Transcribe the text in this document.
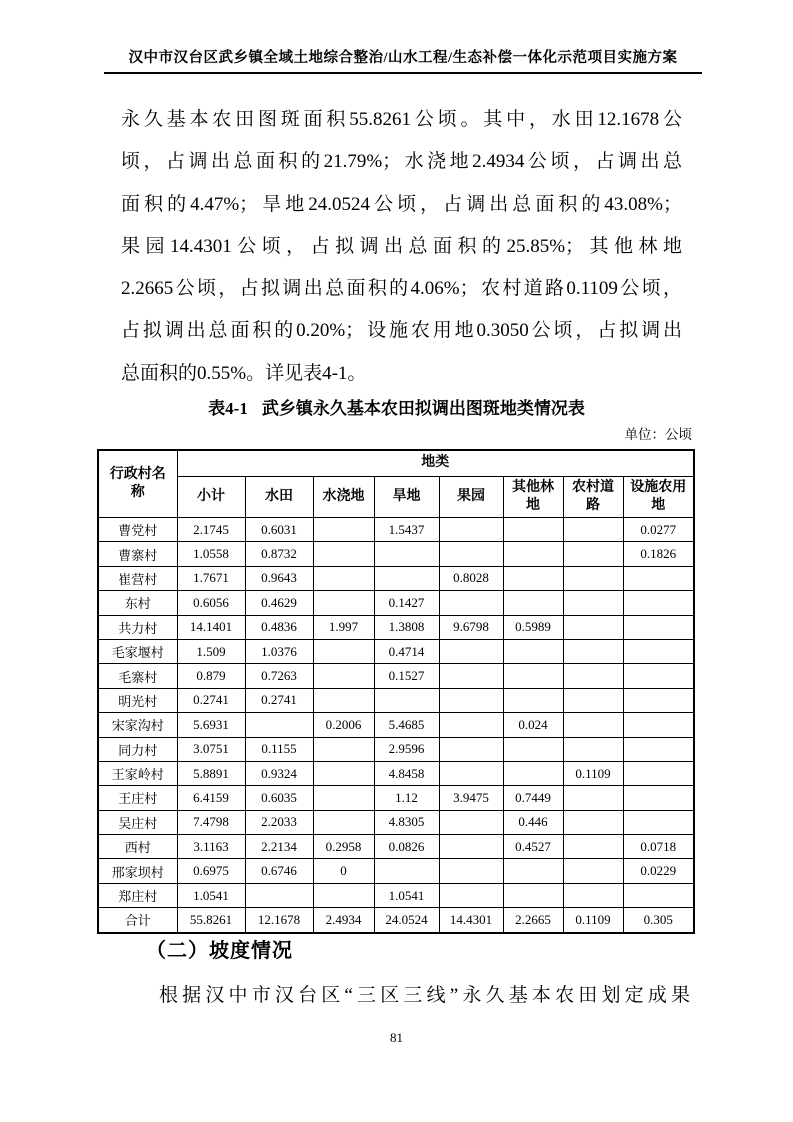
汉中市汉台区武乡镇全域土地综合整治/山水工程/生态补偿一体化示范项目实施方案
永久基本农田图斑面积55.8261公顷。其中，水田12.1678公
顷，占调出总面积的21.79%；水浇地2.4934公顷，占调出总
面积的4.47%；旱地24.0524公顷，占调出总面积的43.08%；
果园14.4301公顷，占拟调出总面积的25.85%；其他林地
2.2665公顷，占拟调出总面积的4.06%；农村道路0.1109公顷，
占拟调出总面积的0.20%；设施农用地0.3050公顷，占拟调出
总面积的0.55%。详见表4-1。
表4-1 武乡镇永久基本农田拟调出图斑地类情况表
单位：公顷
行政村名称	地类							
	小计	水田	水浇地	旱地	果园	其他林地	农村道路	设施农用地
曹党村	2.1745	0.6031		1.5437				0.0277
曹寨村	1.0558	0.8732						0.1826
崔营村	1.7671	0.9643			0.8028			
东村	0.6056	0.4629		0.1427				
共力村	14.1401	0.4836	1.997	1.3808	9.6798	0.5989		
毛家堰村	1.509	1.0376		0.4714				
毛寨村	0.879	0.7263		0.1527				
明光村	0.2741	0.2741						
宋家沟村	5.6931		0.2006	5.4685		0.024		
同力村	3.0751	0.1155		2.9596				
王家岭村	5.8891	0.9324		4.8458			0.1109	
王庄村	6.4159	0.6035		1.12	3.9475	0.7449		
吴庄村	7.4798	2.2033		4.8305		0.446		
西村	3.1163	2.2134	0.2958	0.0826		0.4527		0.0718
邢家坝村	0.6975	0.6746	0					0.0229
郑庄村	1.0541			1.0541				
合计	55.8261	12.1678	2.4934	24.0524	14.4301	2.2665	0.1109	0.305
（二）坡度情况
根据汉中市汉台区“三区三线”永久基本农田划定成果
81
